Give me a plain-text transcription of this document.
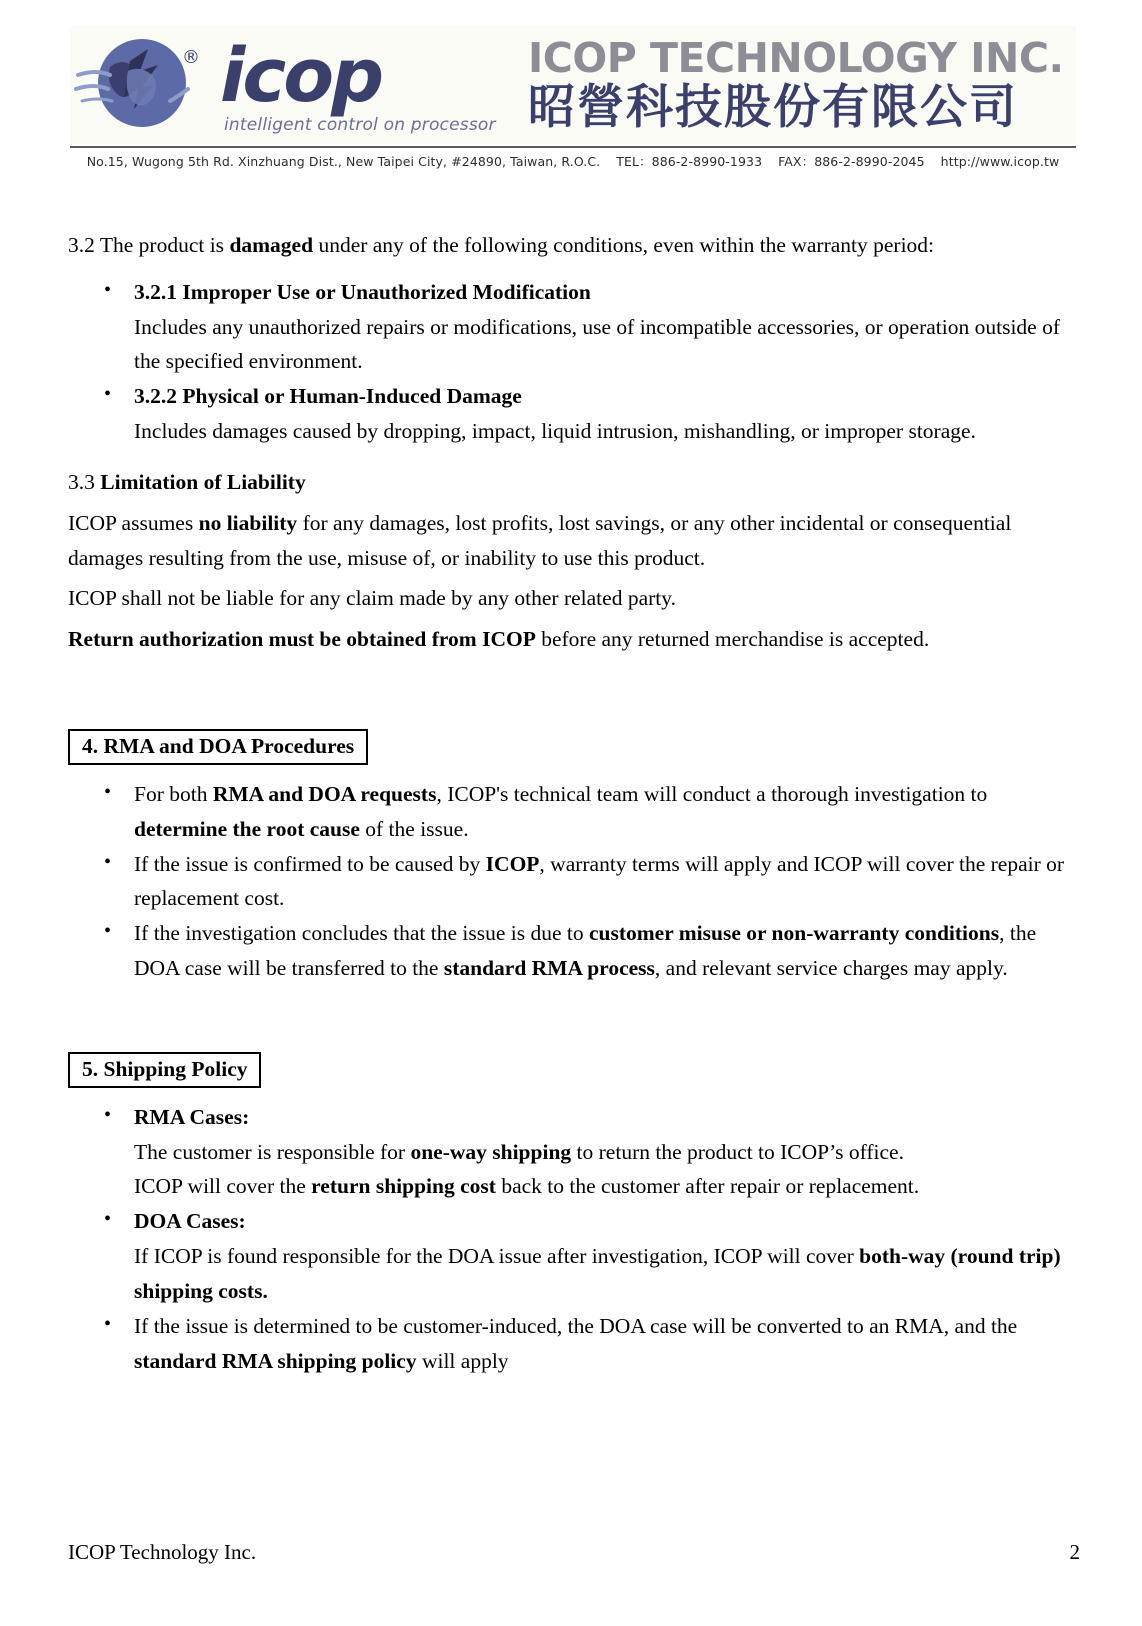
® icop
intelligent control on processor
ICOP TECHNOLOGY INC.
昭營科技股份有限公司
No.15, Wugong 5th Rd. Xinzhuang Dist., New Taipei City, #24890, Taiwan, R.O.C. TEL：886-2-8990-1933 FAX：886-2-8990-2045 http://www.icop.tw

3.2 The product is damaged under any of the following conditions, even within the warranty period:

• 3.2.1 Improper Use or Unauthorized Modification
Includes any unauthorized repairs or modifications, use of incompatible accessories, or operation outside of the specified environment.
• 3.2.2 Physical or Human-Induced Damage
Includes damages caused by dropping, impact, liquid intrusion, mishandling, or improper storage.

3.3 Limitation of Liability

ICOP assumes no liability for any damages, lost profits, lost savings, or any other incidental or consequential damages resulting from the use, misuse of, or inability to use this product.

ICOP shall not be liable for any claim made by any other related party.

Return authorization must be obtained from ICOP before any returned merchandise is accepted.

4. RMA and DOA Procedures
• For both RMA and DOA requests, ICOP's technical team will conduct a thorough investigation to determine the root cause of the issue.
• If the issue is confirmed to be caused by ICOP, warranty terms will apply and ICOP will cover the repair or replacement cost.
• If the investigation concludes that the issue is due to customer misuse or non-warranty conditions, the DOA case will be transferred to the standard RMA process, and relevant service charges may apply.
5. Shipping Policy
• RMA Cases:
The customer is responsible for one-way shipping to return the product to ICOP’s office.
ICOP will cover the return shipping cost back to the customer after repair or replacement.
• DOA Cases:
If ICOP is found responsible for the DOA issue after investigation, ICOP will cover both-way (round trip) shipping costs.
• If the issue is determined to be customer-induced, the DOA case will be converted to an RMA, and the standard RMA shipping policy will apply
ICOP Technology Inc.	2
